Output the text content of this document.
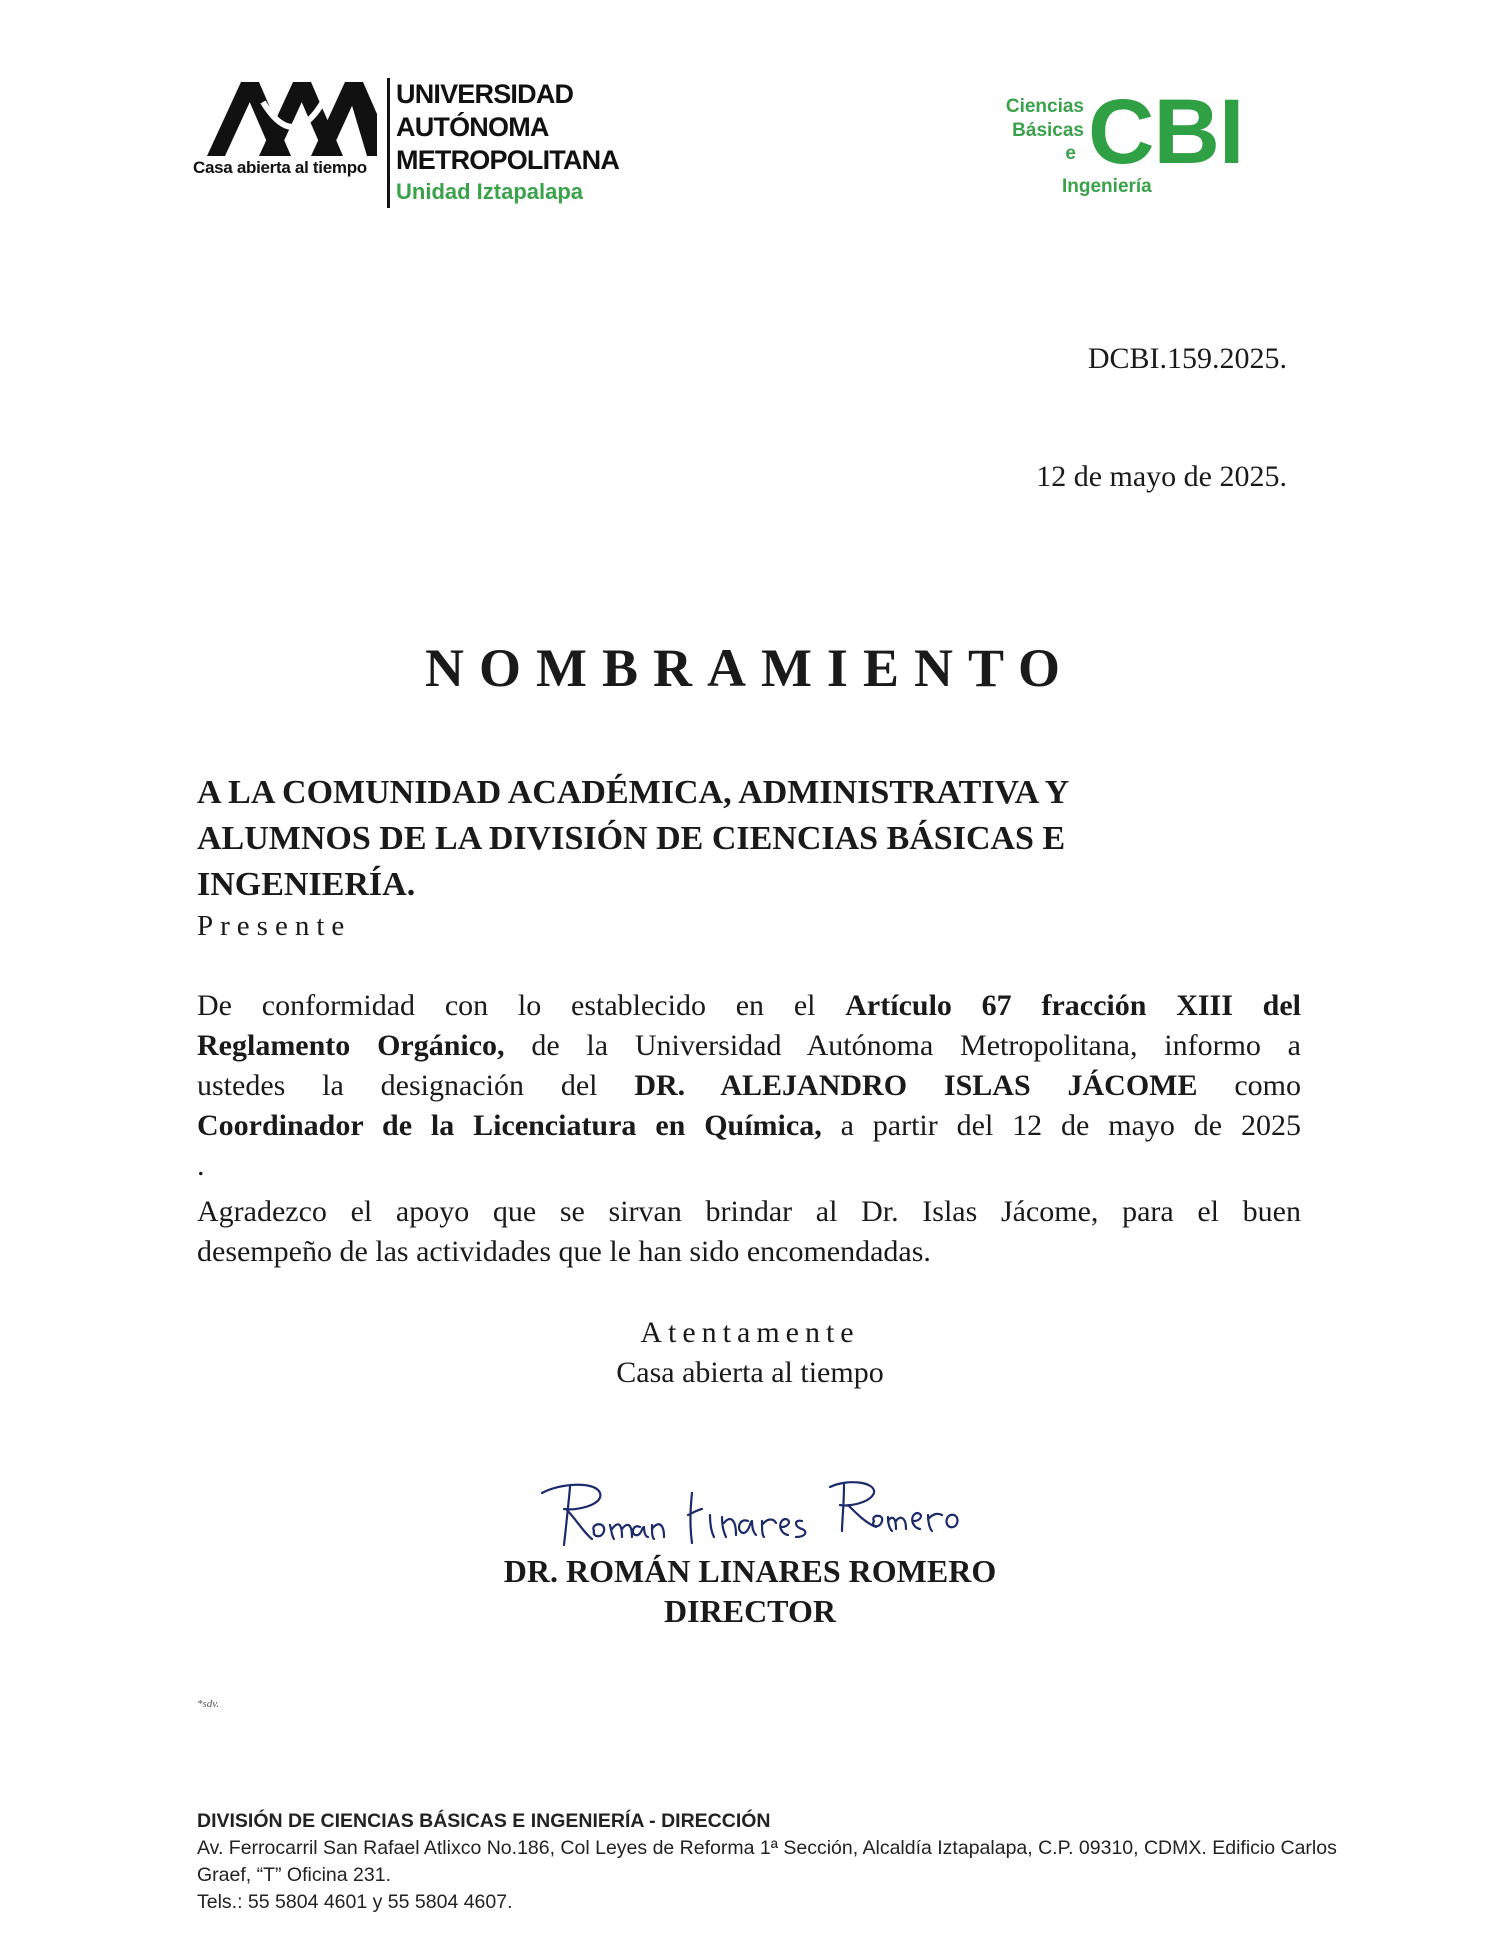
Casa abierta al tiempo
UNIVERSIDAD
AUTÓNOMA
METROPOLITANA
Unidad Iztapalapa
Ciencias
Básicas
e CBI
Ingeniería
DCBI.159.2025.
12 de mayo de 2025.
NOMBRAMIENTO
A LA COMUNIDAD ACADÉMICA, ADMINISTRATIVA Y
ALUMNOS DE LA DIVISIÓN DE CIENCIAS BÁSICAS E
INGENIERÍA.
Presente
De conformidad con lo establecido en el Artículo 67 fracción XIII del
Reglamento Orgánico, de la Universidad Autónoma Metropolitana, informo a
ustedes la designación del DR. ALEJANDRO ISLAS JÁCOME como
Coordinador de la Licenciatura en Química, a partir del 12 de mayo de 2025
.
Agradezco el apoyo que se sirvan brindar al Dr. Islas Jácome, para el buen
desempeño de las actividades que le han sido encomendadas.
Atentamente
Casa abierta al tiempo
DR. ROMÁN LINARES ROMERO
DIRECTOR
*sdv.
DIVISIÓN DE CIENCIAS BÁSICAS E INGENIERÍA - DIRECCIÓN
Av. Ferrocarril San Rafael Atlixco No.186, Col Leyes de Reforma 1ª Sección, Alcaldía Iztapalapa, C.P. 09310, CDMX. Edificio Carlos
Graef, “T” Oficina 231.
Tels.: 55 5804 4601 y 55 5804 4607.
